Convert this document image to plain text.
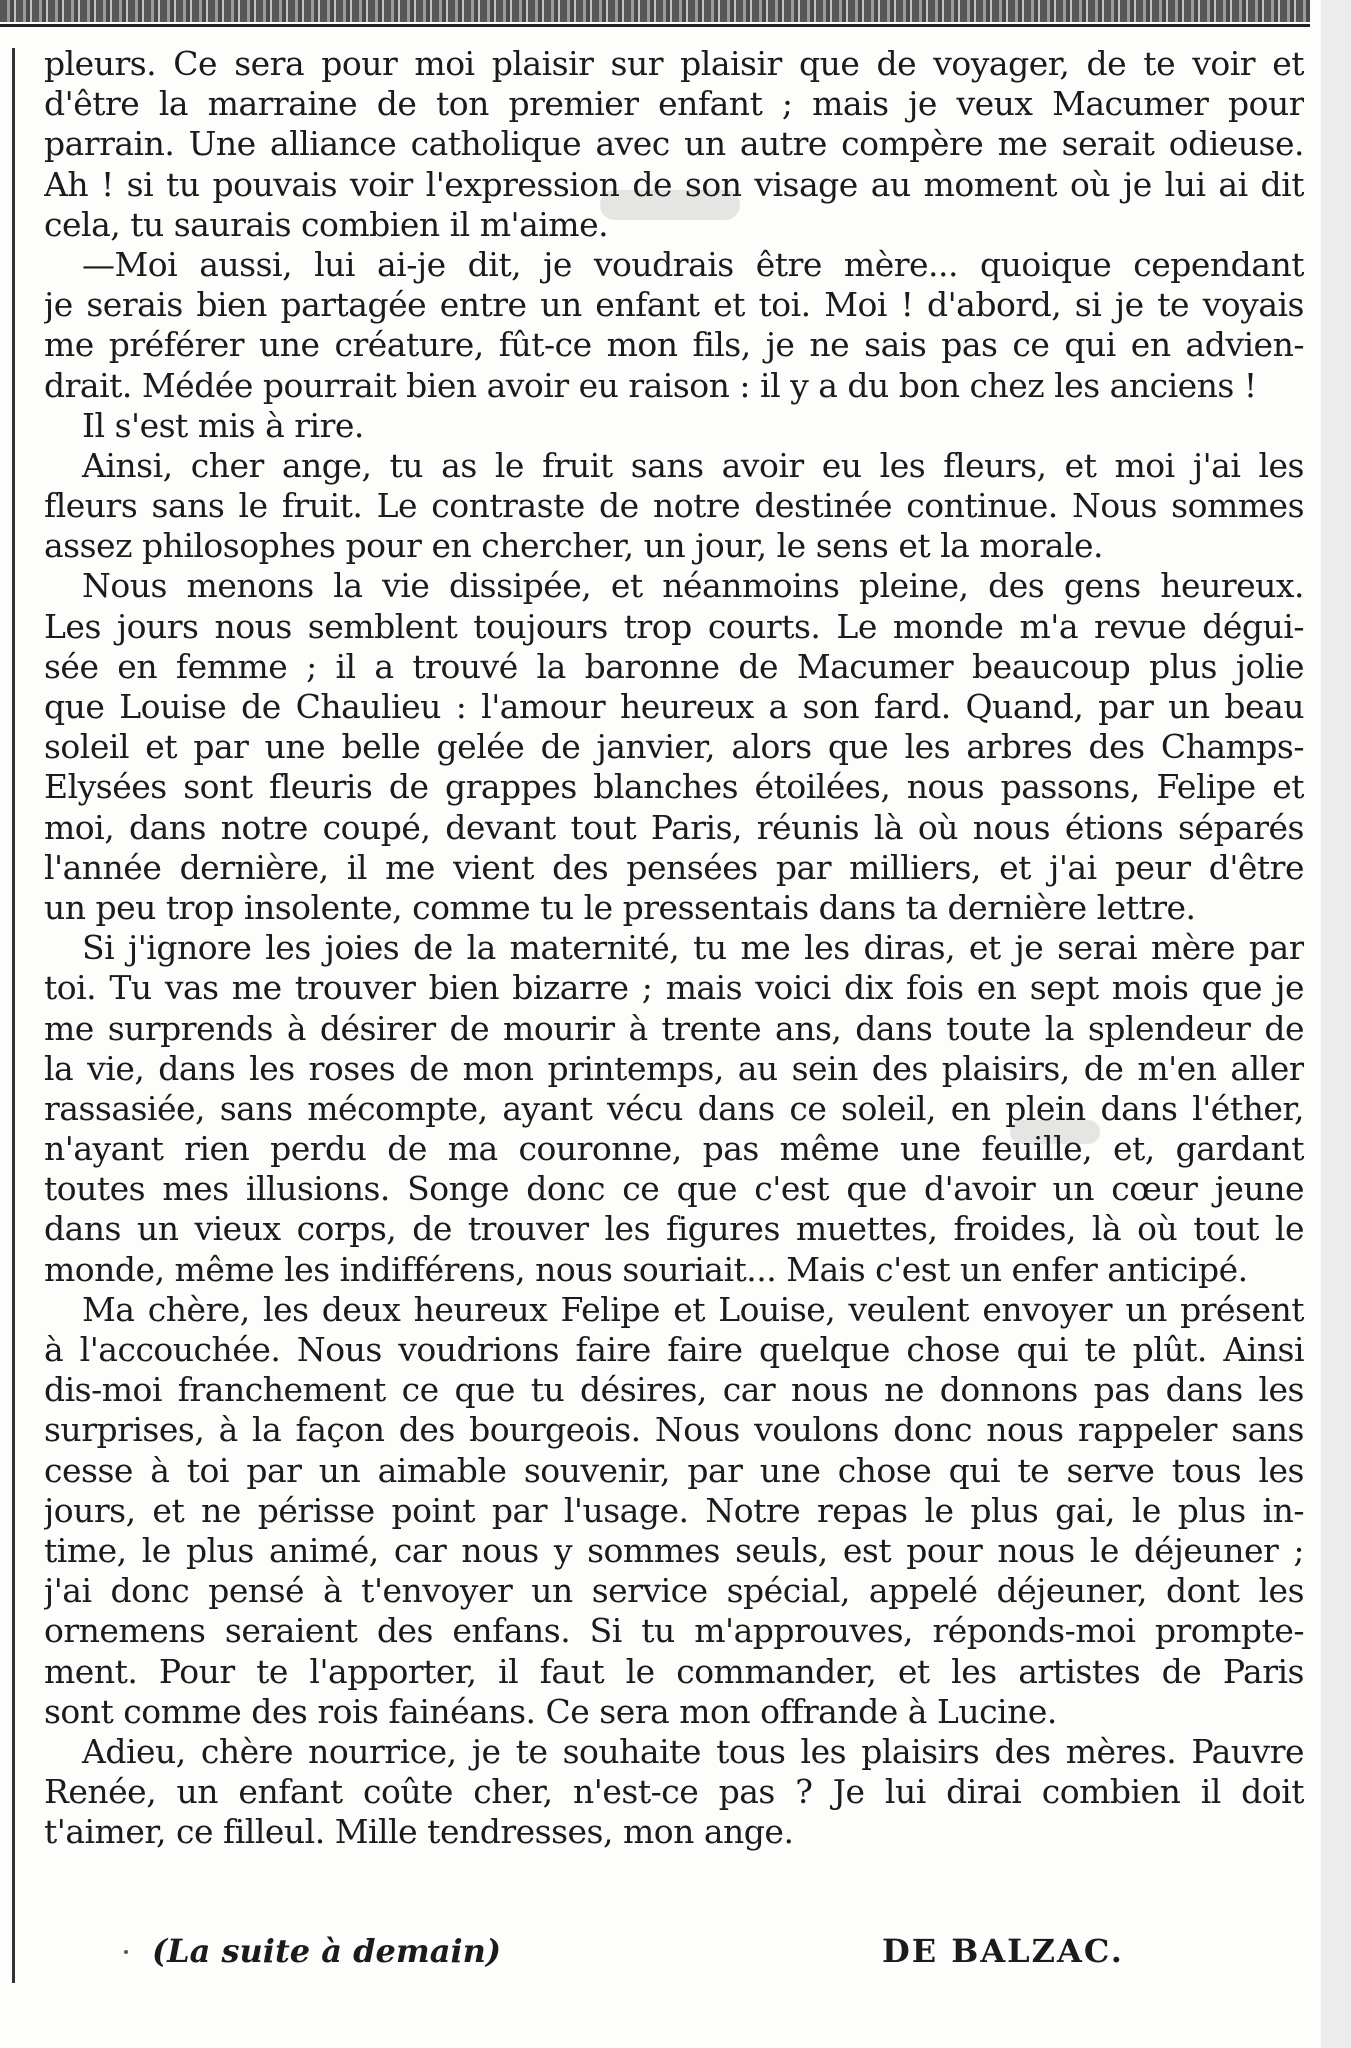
pleurs. Ce sera pour moi plaisir sur plaisir que de voyager, de te voir et
d'être la marraine de ton premier enfant ; mais je veux Macumer pour
parrain. Une alliance catholique avec un autre compère me serait odieuse.
Ah ! si tu pouvais voir l'expression de son visage au moment où je lui ai dit
cela, tu saurais combien il m'aime.
—Moi aussi, lui ai-je dit, je voudrais être mère... quoique cependant
je serais bien partagée entre un enfant et toi. Moi ! d'abord, si je te voyais
me préférer une créature, fût-ce mon fils, je ne sais pas ce qui en advien-
drait. Médée pourrait bien avoir eu raison : il y a du bon chez les anciens !
Il s'est mis à rire.
Ainsi, cher ange, tu as le fruit sans avoir eu les fleurs, et moi j'ai les
fleurs sans le fruit. Le contraste de notre destinée continue. Nous sommes
assez philosophes pour en chercher, un jour, le sens et la morale.
Nous menons la vie dissipée, et néanmoins pleine, des gens heureux.
Les jours nous semblent toujours trop courts. Le monde m'a revue dégui-
sée en femme ; il a trouvé la baronne de Macumer beaucoup plus jolie
que Louise de Chaulieu : l'amour heureux a son fard. Quand, par un beau
soleil et par une belle gelée de janvier, alors que les arbres des Champs-
Elysées sont fleuris de grappes blanches étoilées, nous passons, Felipe et
moi, dans notre coupé, devant tout Paris, réunis là où nous étions séparés
l'année dernière, il me vient des pensées par milliers, et j'ai peur d'être
un peu trop insolente, comme tu le pressentais dans ta dernière lettre.
Si j'ignore les joies de la maternité, tu me les diras, et je serai mère par
toi. Tu vas me trouver bien bizarre ; mais voici dix fois en sept mois que je
me surprends à désirer de mourir à trente ans, dans toute la splendeur de
la vie, dans les roses de mon printemps, au sein des plaisirs, de m'en aller
rassasiée, sans mécompte, ayant vécu dans ce soleil, en plein dans l'éther,
n'ayant rien perdu de ma couronne, pas même une feuille, et, gardant
toutes mes illusions. Songe donc ce que c'est que d'avoir un cœur jeune
dans un vieux corps, de trouver les figures muettes, froides, là où tout le
monde, même les indifférens, nous souriait... Mais c'est un enfer anticipé.
Ma chère, les deux heureux Felipe et Louise, veulent envoyer un présent
à l'accouchée. Nous voudrions faire faire quelque chose qui te plût. Ainsi
dis-moi franchement ce que tu désires, car nous ne donnons pas dans les
surprises, à la façon des bourgeois. Nous voulons donc nous rappeler sans
cesse à toi par un aimable souvenir, par une chose qui te serve tous les
jours, et ne périsse point par l'usage. Notre repas le plus gai, le plus in-
time, le plus animé, car nous y sommes seuls, est pour nous le déjeuner ;
j'ai donc pensé à t'envoyer un service spécial, appelé déjeuner, dont les
ornemens seraient des enfans. Si tu m'approuves, réponds-moi prompte-
ment. Pour te l'apporter, il faut le commander, et les artistes de Paris
sont comme des rois fainéans. Ce sera mon offrande à Lucine.
Adieu, chère nourrice, je te souhaite tous les plaisirs des mères. Pauvre
Renée, un enfant coûte cher, n'est-ce pas ? Je lui dirai combien il doit
t'aimer, ce filleul. Mille tendresses, mon ange.
(La suite à demain)	DE BALZAC.
